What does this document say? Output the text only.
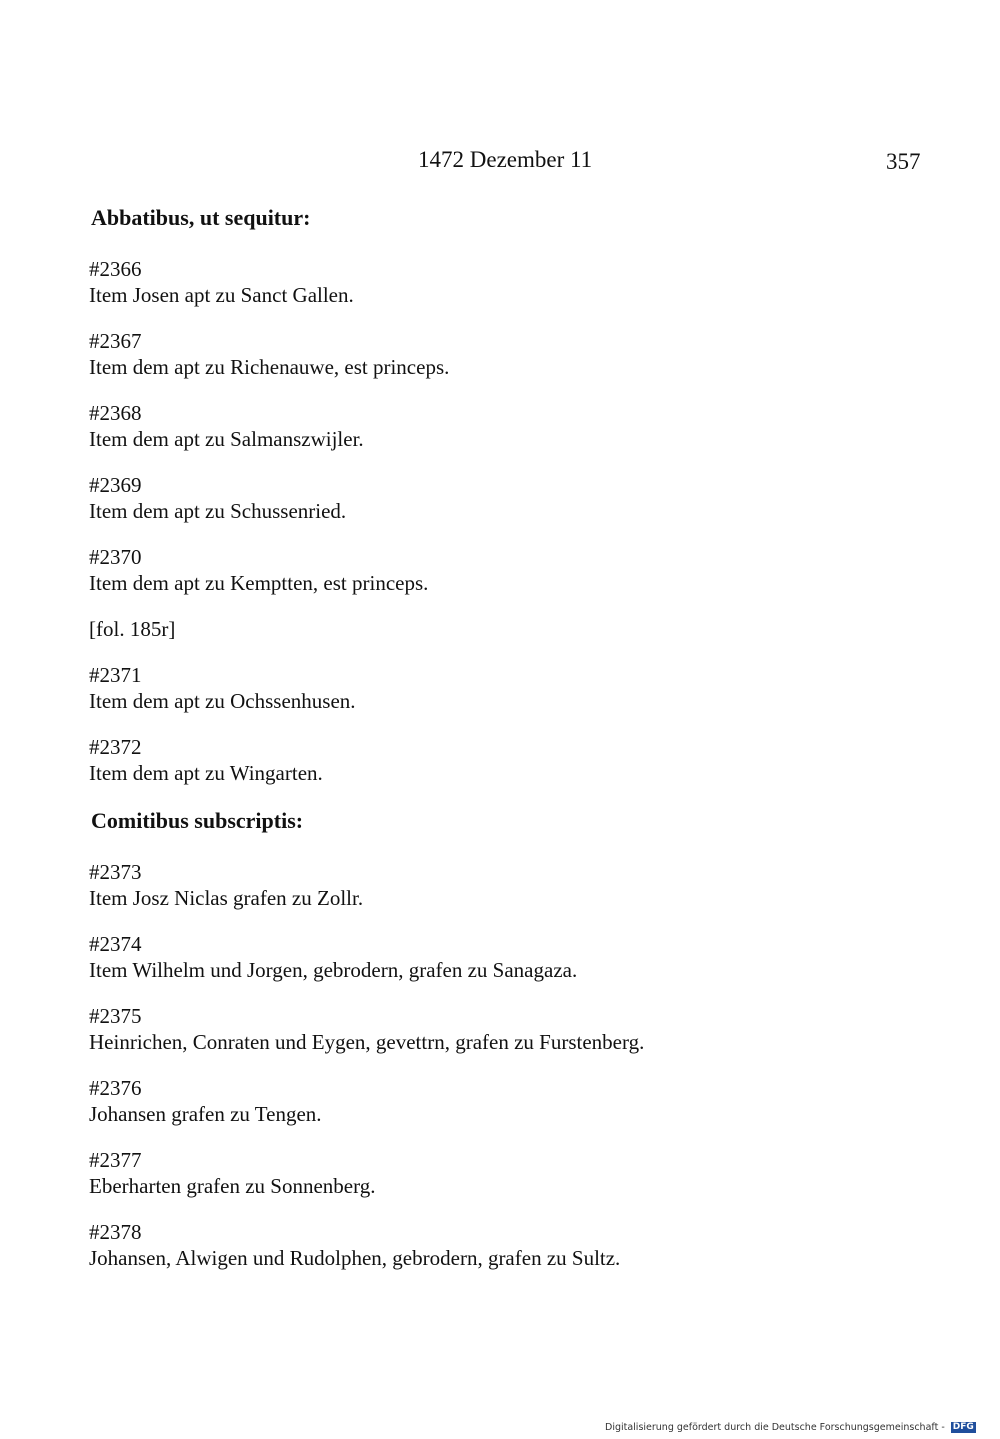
1472 Dezember 11	357
Abbatibus, ut sequitur:
#2366
Item Josen apt zu Sanct Gallen.
#2367
Item dem apt zu Richenauwe, est princeps.
#2368
Item dem apt zu Salmanszwijler.
#2369
Item dem apt zu Schussenried.
#2370
Item dem apt zu Kemptten, est princeps.
[fol. 185r]
#2371
Item dem apt zu Ochssenhusen.
#2372
Item dem apt zu Wingarten.
Comitibus subscriptis:
#2373
Item Josz Niclas grafen zu Zollr.
#2374
Item Wilhelm und Jorgen, gebrodern, grafen zu Sanagaza.
#2375
Heinrichen, Conraten und Eygen, gevettrn, grafen zu Furstenberg.
#2376
Johansen grafen zu Tengen.
#2377
Eberharten grafen zu Sonnenberg.
#2378
Johansen, Alwigen und Rudolphen, gebrodern, grafen zu Sultz.
Digitalisierung gefördert durch die Deutsche Forschungsgemeinschaft - DFG
